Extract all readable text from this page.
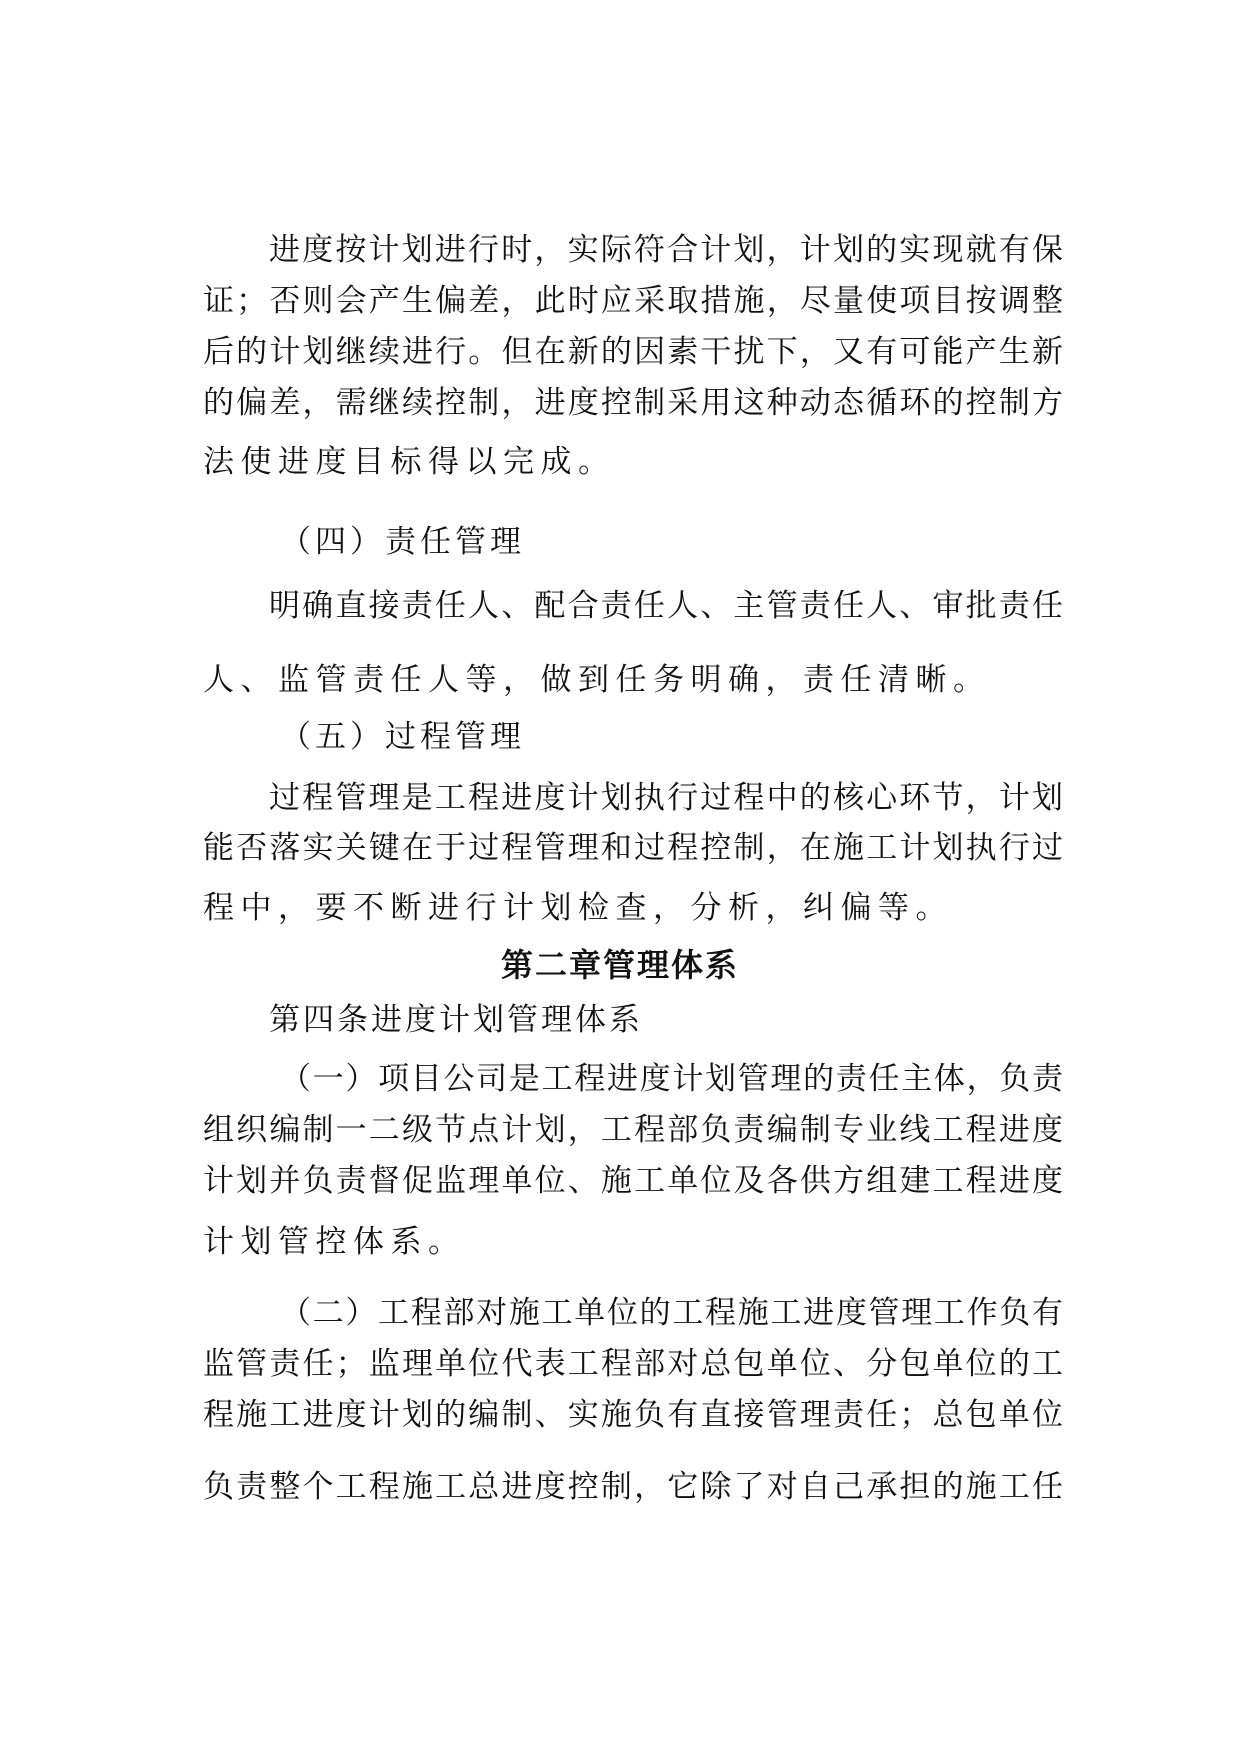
进度按计划进行时，实际符合计划，计划的实现就有保
证；否则会产生偏差，此时应采取措施，尽量使项目按调整
后的计划继续进行。但在新的因素干扰下，又有可能产生新
的偏差，需继续控制，进度控制采用这种动态循环的控制方
法使进度目标得以完成。
（四）责任管理
明确直接责任人、配合责任人、主管责任人、审批责任
人、监管责任人等，做到任务明确，责任清晰。
（五）过程管理
过程管理是工程进度计划执行过程中的核心环节，计划
能否落实关键在于过程管理和过程控制，在施工计划执行过
程中，要不断进行计划检查，分析，纠偏等。
第二章管理体系
第四条进度计划管理体系
（一）项目公司是工程进度计划管理的责任主体，负责
组织编制一二级节点计划，工程部负责编制专业线工程进度
计划并负责督促监理单位、施工单位及各供方组建工程进度
计划管控体系。
（二）工程部对施工单位的工程施工进度管理工作负有
监管责任；监理单位代表工程部对总包单位、分包单位的工
程施工进度计划的编制、实施负有直接管理责任；总包单位
负责整个工程施工总进度控制，它除了对自己承担的施工任
